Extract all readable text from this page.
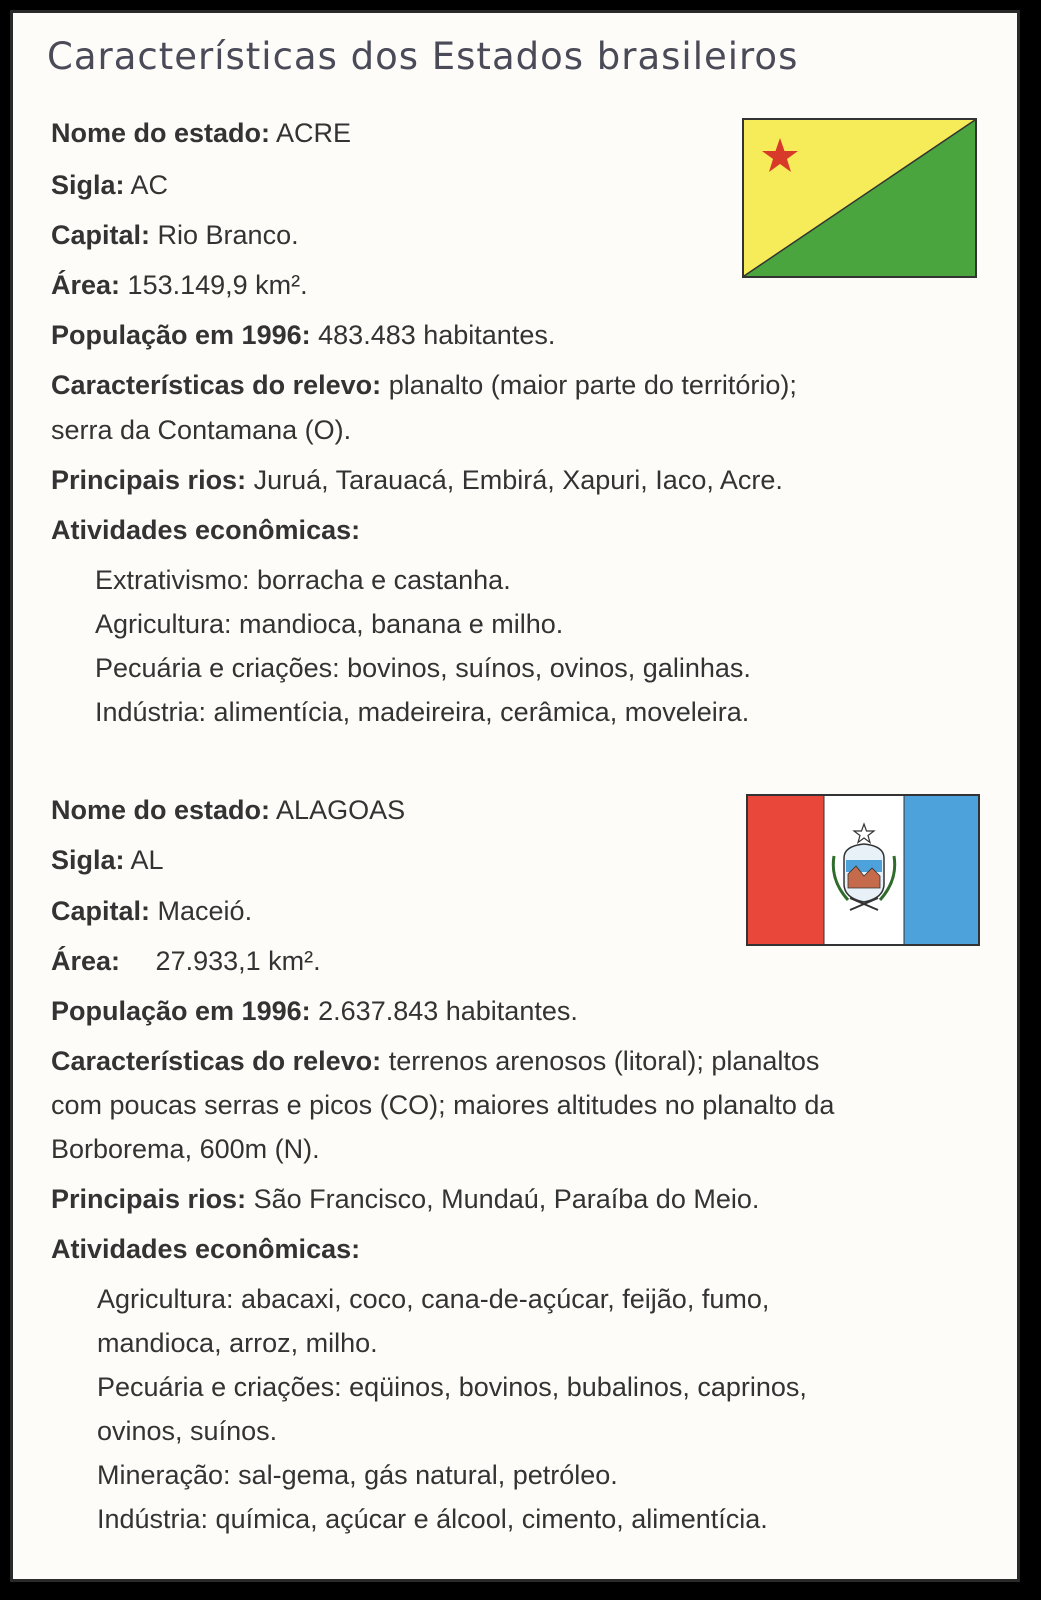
Características dos Estados brasileiros

Nome do estado: ACRE

Sigla: AC

Capital: Rio Branco.

Área: 153.149,9 km².

População em 1996: 483.483 habitantes.

Características do relevo: planalto (maior parte do território);

serra da Contamana (O).

Principais rios: Juruá, Tarauacá, Embirá, Xapuri, Iaco, Acre.

Atividades econômicas:

Extrativismo: borracha e castanha.
Agricultura: mandioca, banana e milho.
Pecuária e criações: bovinos, suínos, ovinos, galinhas.
Indústria: alimentícia, madeireira, cerâmica, moveleira.

Nome do estado: ALAGOAS

Sigla: AL

Capital: Maceió.

Área: 27.933,1 km².

População em 1996: 2.637.843 habitantes.

Características do relevo: terrenos arenosos (litoral); planaltos

com poucas serras e picos (CO); maiores altitudes no planalto da

Borborema, 600m (N).

Principais rios: São Francisco, Mundaú, Paraíba do Meio.

Atividades econômicas:

Agricultura: abacaxi, coco, cana-de-açúcar, feijão, fumo,
mandioca, arroz, milho.
Pecuária e criações: eqüinos, bovinos, bubalinos, caprinos,
ovinos, suínos.
Mineração: sal-gema, gás natural, petróleo.
Indústria: química, açúcar e álcool, cimento, alimentícia.
